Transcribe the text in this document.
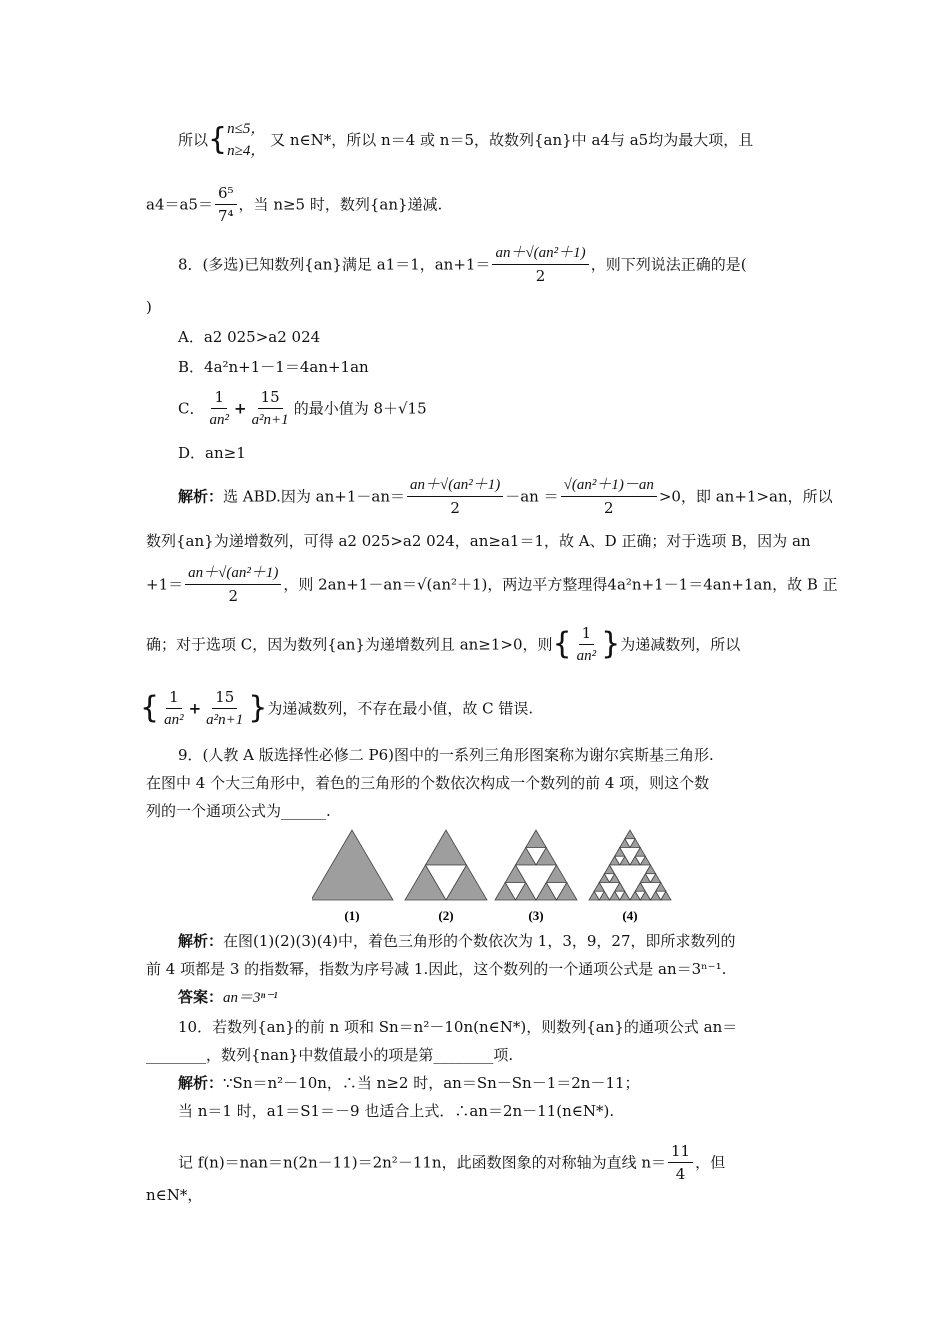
所以{ n≤5，
n≥4，
又 n∈N*，所以 n＝4 或 n＝5，故数列{an}中 a4与 a5均为最大项，且
$a4=a5= \frac{\text{6⁵}}{\text{7⁴}}$ ，当 n≥5 时，数列{an}递减.
8．(多选)已知数列{an}满足 a1＝1，$an+1= \frac{\text{an＋√(an²＋1)}}{2}$ ，则下列说法正确的是(
)
A．a2 025>a2 024
B．4a²n+1－1＝4an+1an
C． $\frac{1}{\text{an²}} + \frac{15}{\text{a²n+1}}$ 的最小值为 8＋√15
D．an≥1
解析：选 ABD.因为 $an+1-an= \frac{\text{an＋√(an²＋1)}}{2} -an = \frac{\text{√(an²＋1)－an}}{2} >0$，即 an+1>an，所以
数列{an}为递增数列，可得 a2 025>a2 024，an≥a1＝1，故 A、D 正确；对于选项 B，因为 an
$+1= \frac{\text{an＋√(an²＋1)}}{2}$ ，则 2an+1－an＝√(an²＋1)，两边平方整理得4a²n+1－1＝4an+1an，故 B 正
确；对于选项 C，因为数列{an}为递增数列且 an≥1>0，则{ $\frac{1}{\text{an²}}$ }为递减数列，所以
{ $\frac{1}{\text{an²}} + \frac{15}{\text{a²n+1}}$ }为递减数列，不存在最小值，故 C 错误.
9．(人教 A 版选择性必修二 P6)图中的一系列三角形图案称为谢尔宾斯基三角形.
在图中 4 个大三角形中，着色的三角形的个数依次构成一个数列的前 4 项，则这个数
列的一个通项公式为______.
(1)	(2)	(3)	(4)
解析：在图(1)(2)(3)(4)中，着色三角形的个数依次为 1，3，9，27，即所求数列的
前 4 项都是 3 的指数幂，指数为序号减 1.因此，这个数列的一个通项公式是 an＝3ⁿ⁻¹.
答案：an＝3ⁿ⁻¹
10．若数列{an}的前 n 项和 Sn＝n²－10n(n∈N*)，则数列{an}的通项公式 an＝
________，数列{nan}中数值最小的项是第________项.
解析：∵Sn＝n²－10n，∴当 n≥2 时，an＝Sn－Sn－1＝2n－11；
当 n＝1 时，a1＝S1＝－9 也适合上式．∴an＝2n－11(n∈N*).
记 f(n)＝nan＝n(2n－11)＝2n²－11n，此函数图象的对称轴为直线 $n= \frac{11}{4}$ ，但
n∈N*，
